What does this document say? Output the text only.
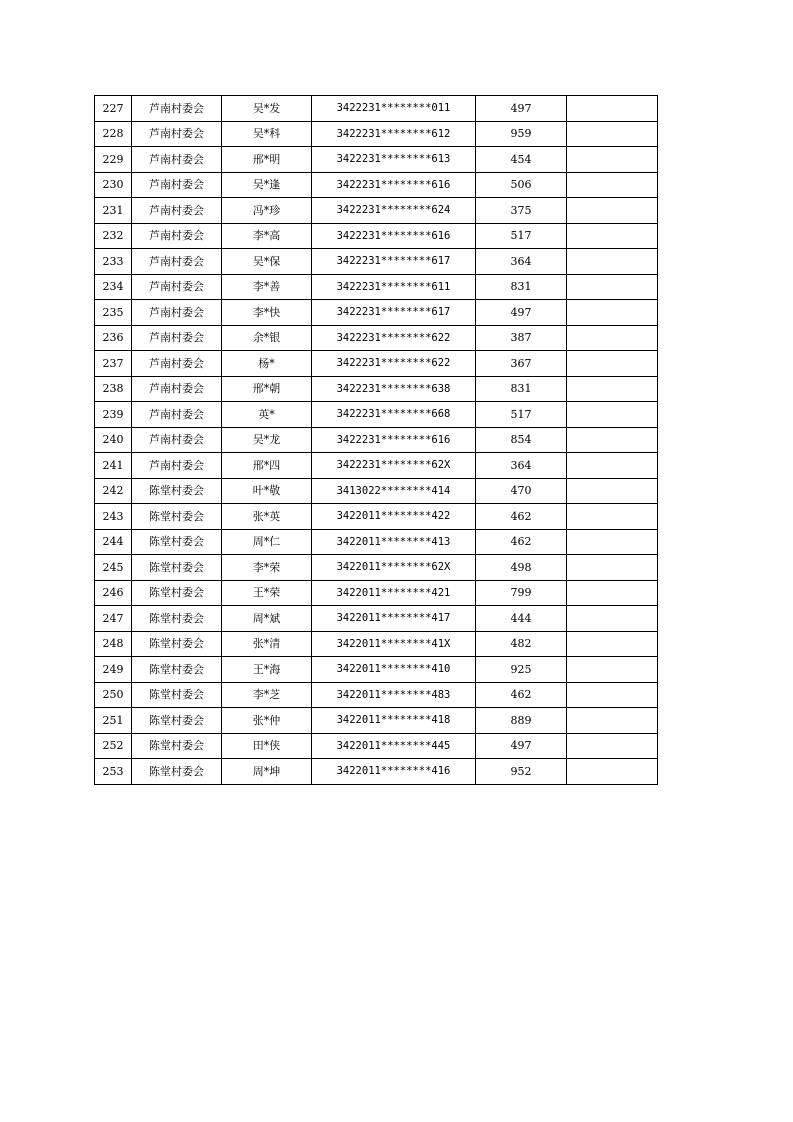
227	芦南村委会	吴*发	3422231********011	497	
228	芦南村委会	吴*科	3422231********612	959	
229	芦南村委会	邢*明	3422231********613	454	
230	芦南村委会	吴*逢	3422231********616	506	
231	芦南村委会	冯*珍	3422231********624	375	
232	芦南村委会	李*高	3422231********616	517	
233	芦南村委会	吴*保	3422231********617	364	
234	芦南村委会	李*善	3422231********611	831	
235	芦南村委会	李*快	3422231********617	497	
236	芦南村委会	余*银	3422231********622	387	
237	芦南村委会	杨*	3422231********622	367	
238	芦南村委会	邢*朝	3422231********638	831	
239	芦南村委会	英*	3422231********668	517	
240	芦南村委会	吴*龙	3422231********616	854	
241	芦南村委会	邢*四	3422231********62X	364	
242	陈堂村委会	叶*敬	3413022********414	470	
243	陈堂村委会	张*英	3422011********422	462	
244	陈堂村委会	周*仁	3422011********413	462	
245	陈堂村委会	李*荣	3422011********62X	498	
246	陈堂村委会	王*荣	3422011********421	799	
247	陈堂村委会	周*斌	3422011********417	444	
248	陈堂村委会	张*清	3422011********41X	482	
249	陈堂村委会	王*海	3422011********410	925	
250	陈堂村委会	李*芝	3422011********483	462	
251	陈堂村委会	张*仲	3422011********418	889	
252	陈堂村委会	田*侠	3422011********445	497	
253	陈堂村委会	周*坤	3422011********416	952	
